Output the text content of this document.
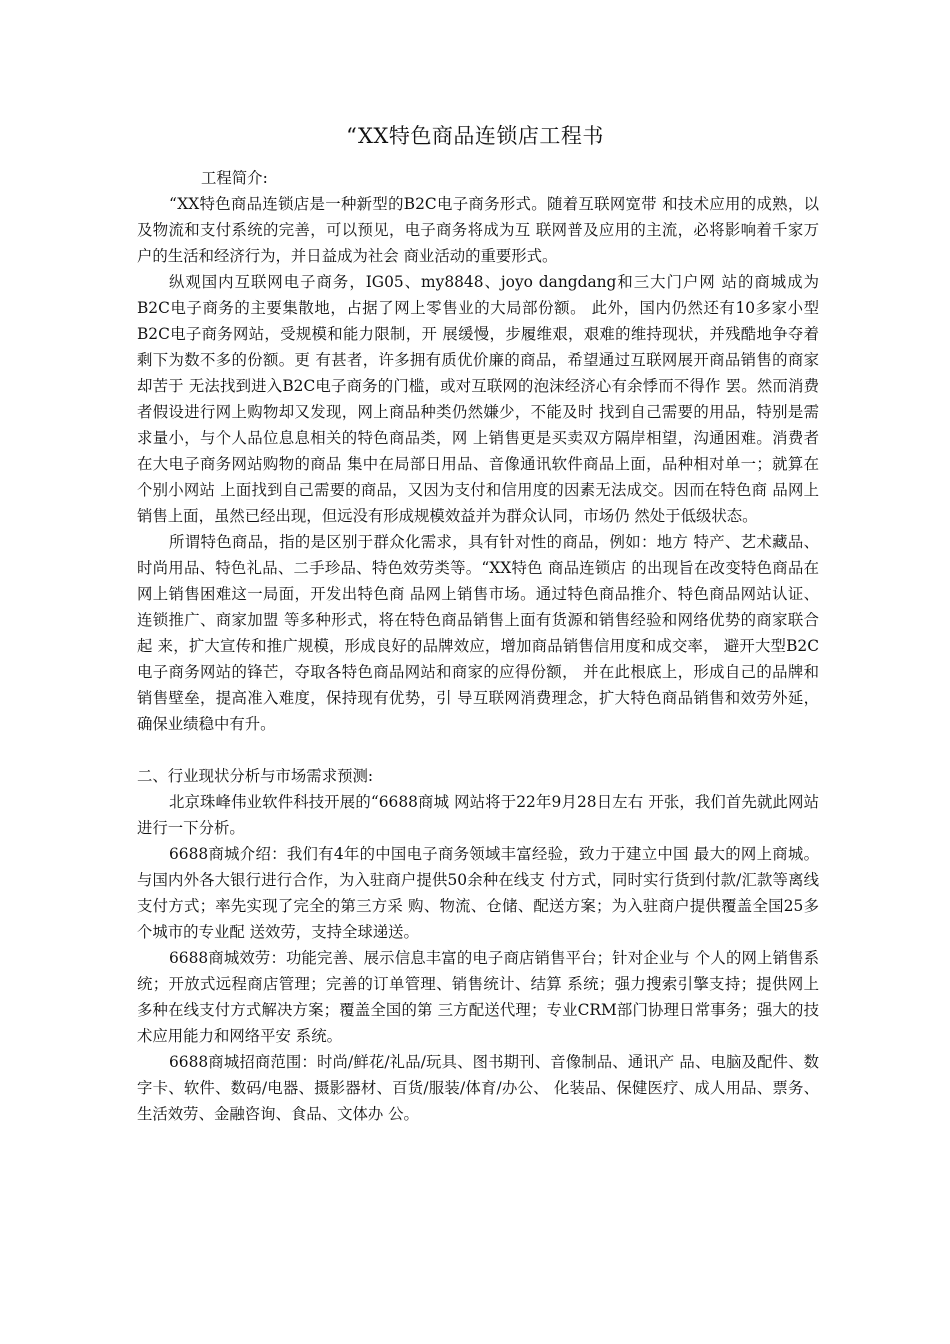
“XX特色商品连锁店工程书

工程简介:

“XX特色商品连锁店是一种新型的B2C电子商务形式。随着互联网宽带 和技术应用的成熟，以及物流和支付系统的完善，可以预见，电子商务将成为互 联网普及应用的主流，必将影响着千家万户的生活和经济行为，并日益成为社会 商业活动的重要形式。

纵观国内互联网电子商务，IG05、my8848、joyo dangdang和三大门户网 站的商城成为B2C电子商务的主要集散地，占据了网上零售业的大局部份额。 此外，国内仍然还有10多家小型B2C电子商务网站，受规模和能力限制，开 展缓慢，步履维艰，艰难的维持现状，并残酷地争夺着剩下为数不多的份额。更 有甚者，许多拥有质优价廉的商品，希望通过互联网展开商品销售的商家却苦于 无法找到进入B2C电子商务的门槛，或对互联网的泡沫经济心有余悸而不得作 罢。然而消费者假设进行网上购物却又发现，网上商品种类仍然嫌少，不能及时 找到自己需要的用品，特别是需求量小，与个人品位息息相关的特色商品类，网 上销售更是买卖双方隔岸相望，沟通困难。消费者在大电子商务网站购物的商品 集中在局部日用品、音像通讯软件商品上面，品种相对单一；就算在个别小网站 上面找到自己需要的商品，又因为支付和信用度的因素无法成交。因而在特色商 品网上销售上面，虽然已经出现，但远没有形成规模效益并为群众认同，市场仍 然处于低级状态。

所谓特色商品，指的是区别于群众化需求，具有针对性的商品，例如：地方 特产、艺术藏品、时尚用品、特色礼品、二手珍品、特色效劳类等。“XX特色 商品连锁店 的出现旨在改变特色商品在网上销售困难这一局面，开发出特色商 品网上销售市场。通过特色商品推介、特色商品网站认证、连锁推广、商家加盟 等多种形式，将在特色商品销售上面有货源和销售经验和网络优势的商家联合起 来，扩大宣传和推广规模，形成良好的品牌效应，增加商品销售信用度和成交率， 避开大型B2C电子商务网站的锋芒，夺取各特色商品网站和商家的应得份额， 并在此根底上，形成自己的品牌和销售壁垒，提高准入难度，保持现有优势，引 导互联网消费理念，扩大特色商品销售和效劳外延，确保业绩稳中有升。

二、行业现状分析与市场需求预测:

北京珠峰伟业软件科技开展的“6688商城 网站将于22年9月28日左右 开张，我们首先就此网站进行一下分析。

6688商城介绍：我们有4年的中国电子商务领域丰富经验，致力于建立中国 最大的网上商城。与国内外各大银行进行合作，为入驻商户提供50余种在线支 付方式，同时实行货到付款/汇款等离线支付方式；率先实现了完全的第三方采 购、物流、仓储、配送方案；为入驻商户提供覆盖全国25多个城市的专业配 送效劳，支持全球递送。

6688商城效劳：功能完善、展示信息丰富的电子商店销售平台；针对企业与 个人的网上销售系统；开放式远程商店管理；完善的订单管理、销售统计、结算 系统；强力搜索引擎支持；提供网上多种在线支付方式解决方案；覆盖全国的第 三方配送代理；专业CRM部门协理日常事务；强大的技术应用能力和网络平安 系统。

6688商城招商范围：时尚/鲜花/礼品/玩具、图书期刊、音像制品、通讯产 品、电脑及配件、数字卡、软件、数码/电器、摄影器材、百货/服装/体育/办公、 化装品、保健医疗、成人用品、票务、生活效劳、金融咨询、食品、文体办 公。
